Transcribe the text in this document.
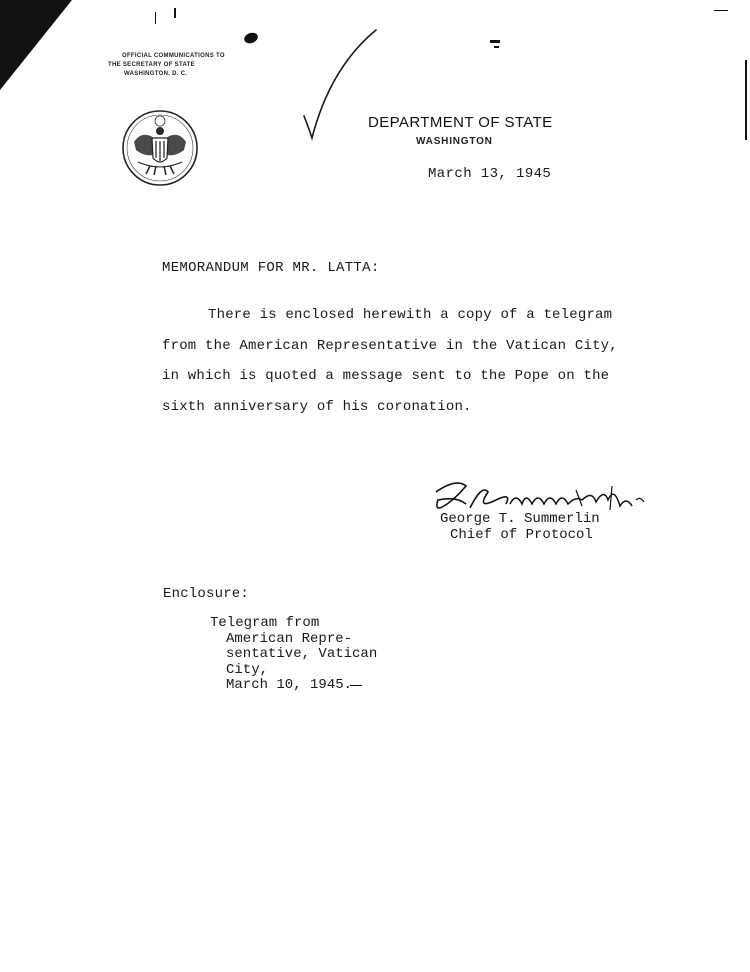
OFFICIAL COMMUNICATIONS TO
THE SECRETARY OF STATE
WASHINGTON, D. C.
DEPARTMENT OF STATE
WASHINGTON
March 13, 1945
MEMORANDUM FOR MR. LATTA:
There is enclosed herewith a copy of a telegram
from the American Representative in the Vatican City,
in which is quoted a message sent to the Pope on the
sixth anniversary of his coronation.
George T. Summerlin
Chief of Protocol
Enclosure:
Telegram from
American Repre-
sentative, Vatican
City,
March 10, 1945.
